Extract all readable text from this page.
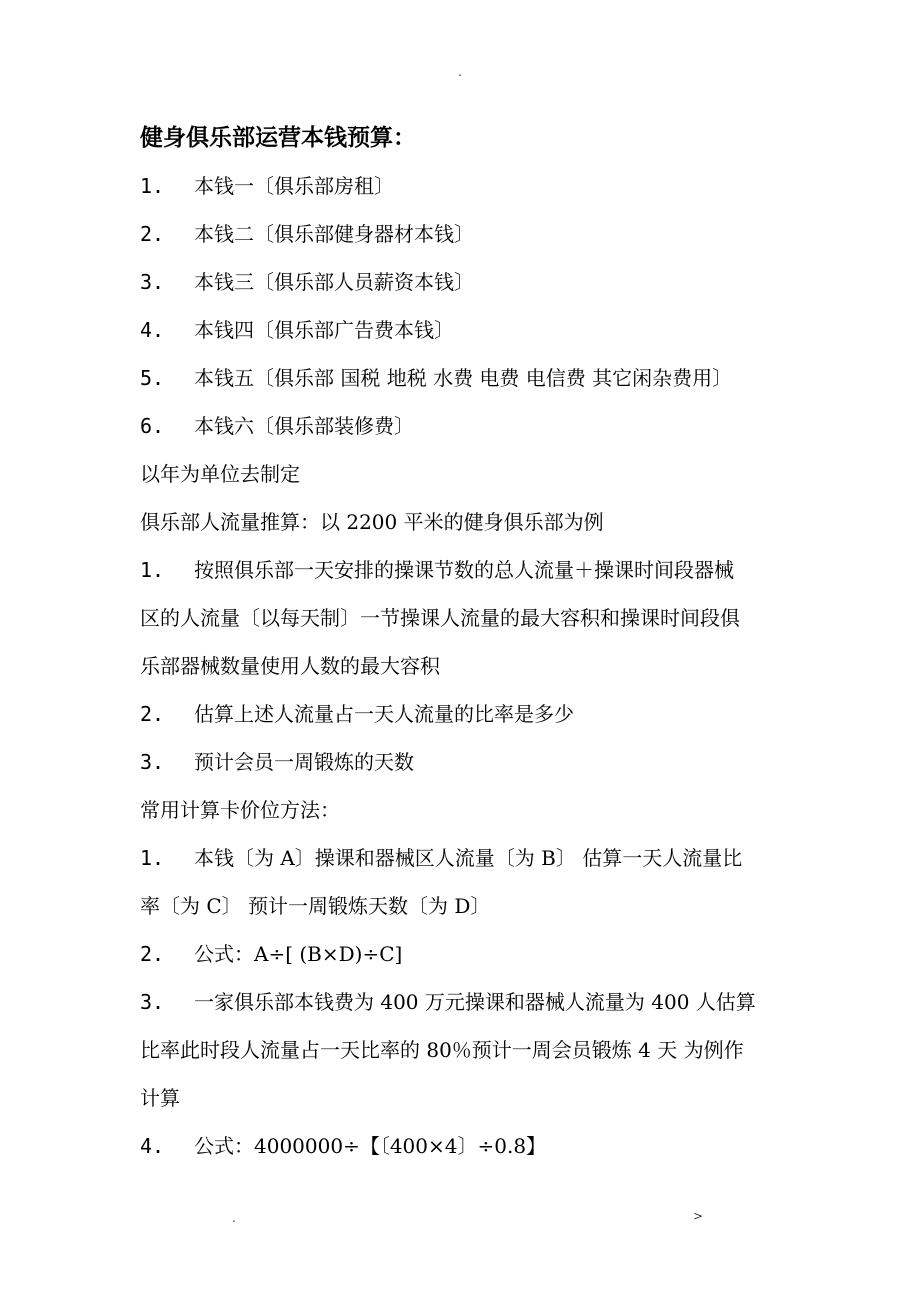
.
健身俱乐部运营本钱预算：
1.	本钱一〔俱乐部房租〕
2.	本钱二〔俱乐部健身器材本钱〕
3.	本钱三〔俱乐部人员薪资本钱〕
4.	本钱四〔俱乐部广告费本钱〕
5.	本钱五〔俱乐部 国税 地税 水费 电费 电信费 其它闲杂费用〕
6.	本钱六〔俱乐部装修费〕
以年为单位去制定
俱乐部人流量推算：以 2200 平米的健身俱乐部为例
1.	按照俱乐部一天安排的操课节数的总人流量＋操课时间段器械
区的人流量〔以每天制〕一节操课人流量的最大容积和操课时间段俱
乐部器械数量使用人数的最大容积
2.	估算上述人流量占一天人流量的比率是多少
3.	预计会员一周锻炼的天数
常用计算卡价位方法：
1.	本钱〔为 A〕操课和器械区人流量〔为 B〕 估算一天人流量比
率〔为 C〕 预计一周锻炼天数〔为 D〕
2.	公式：A÷[ (B×D)÷C]
3.	一家俱乐部本钱费为 400 万元操课和器械人流量为 400 人估算
比率此时段人流量占一天比率的 80％预计一周会员锻炼 4 天 为例作
计算
4.	公式：4000000÷【〔400×4〕÷0.8】
.	>
